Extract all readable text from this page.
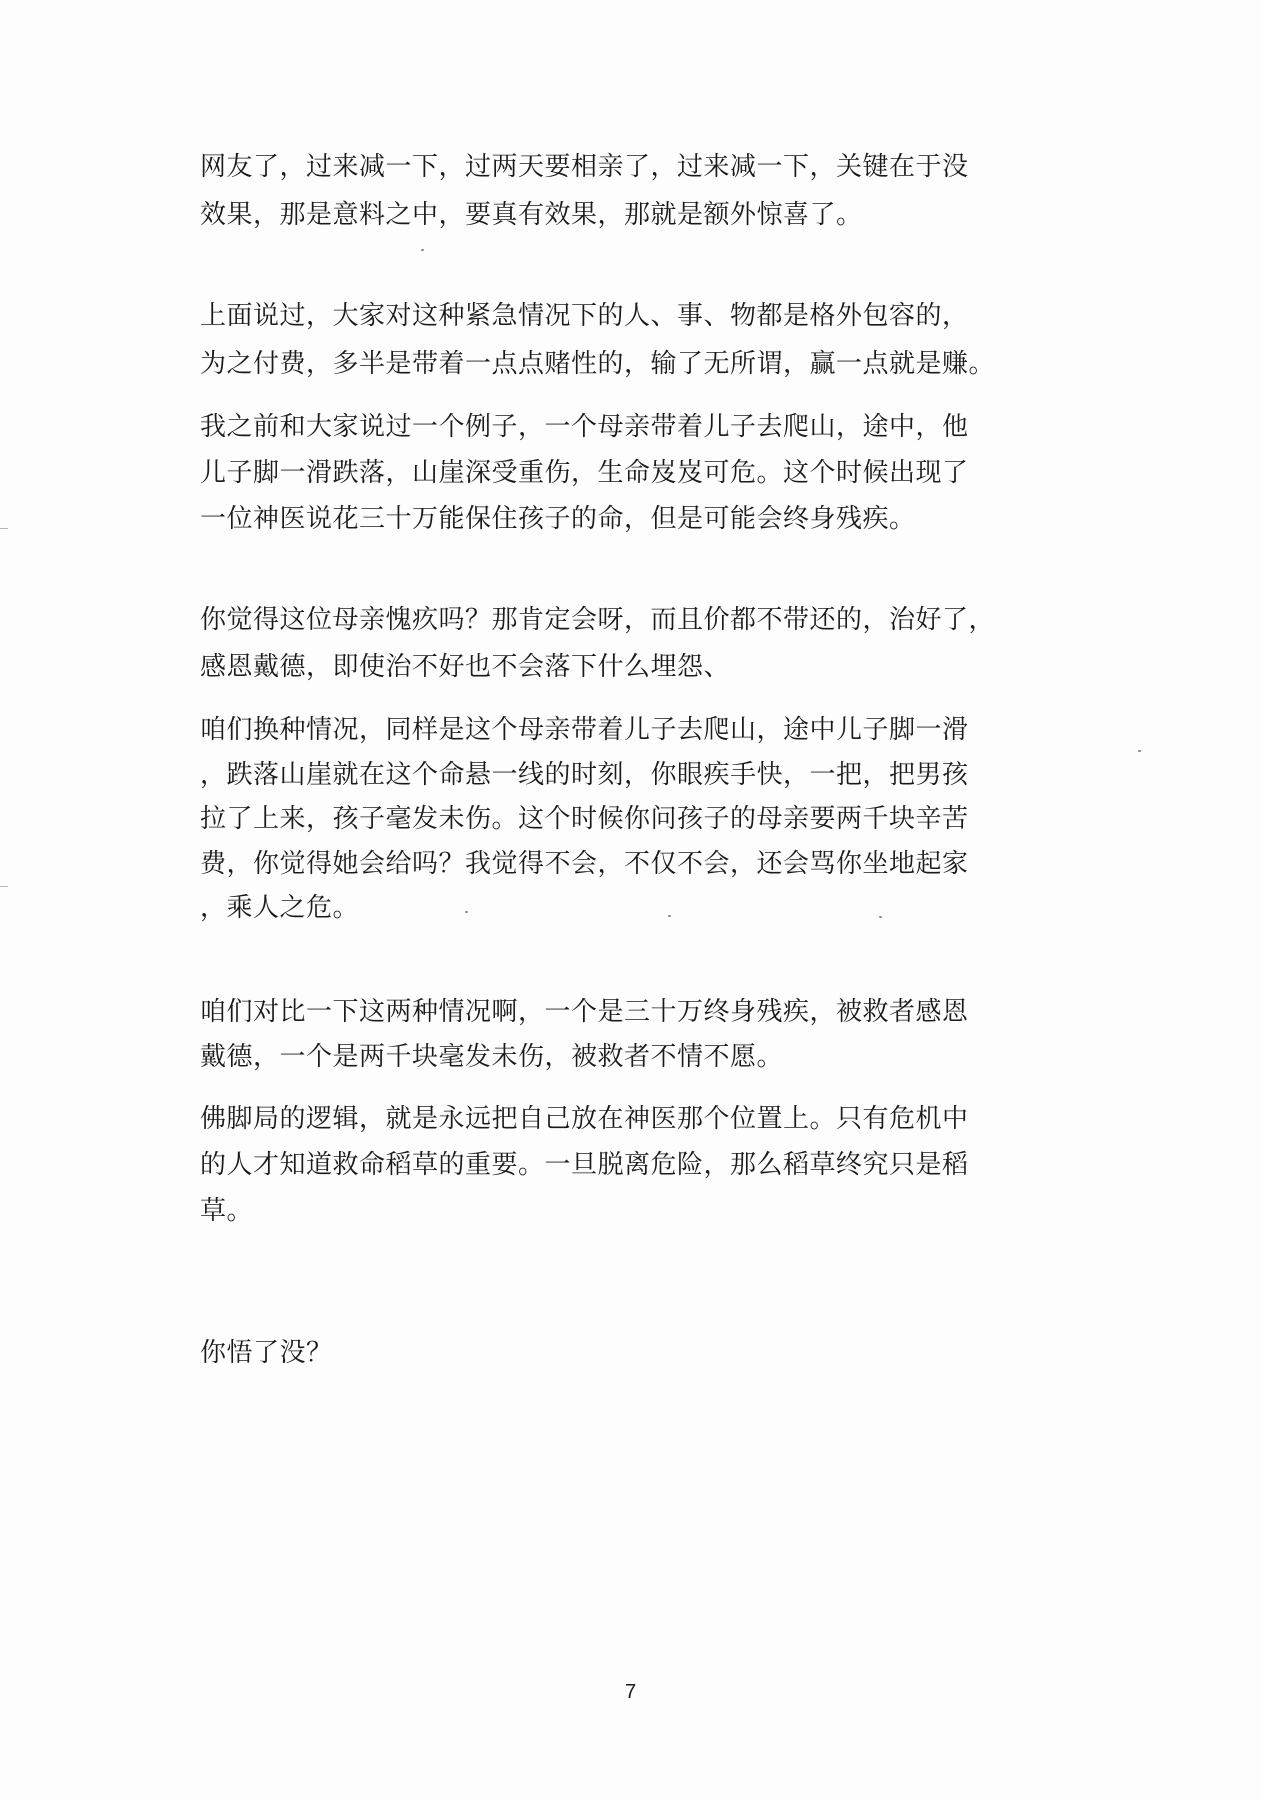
网友了，过来减一下，过两天要相亲了，过来减一下，关键在于没
效果，那是意料之中，要真有效果，那就是额外惊喜了。
上面说过，大家对这种紧急情况下的人、事、物都是格外包容的，
为之付费，多半是带着一点点赌性的，输了无所谓，赢一点就是赚。
我之前和大家说过一个例子，一个母亲带着儿子去爬山，途中，他
儿子脚一滑跌落，山崖深受重伤，生命岌岌可危。这个时候出现了
一位神医说花三十万能保住孩子的命，但是可能会终身残疾。
你觉得这位母亲愧疚吗？那肯定会呀，而且价都不带还的，治好了，
感恩戴德，即使治不好也不会落下什么埋怨、
咱们换种情况，同样是这个母亲带着儿子去爬山，途中儿子脚一滑
，跌落山崖就在这个命悬一线的时刻，你眼疾手快，一把，把男孩
拉了上来，孩子毫发未伤。这个时候你问孩子的母亲要两千块辛苦
费，你觉得她会给吗？我觉得不会，不仅不会，还会骂你坐地起家
，乘人之危。
咱们对比一下这两种情况啊，一个是三十万终身残疾，被救者感恩
戴德，一个是两千块毫发未伤，被救者不情不愿。
佛脚局的逻辑，就是永远把自己放在神医那个位置上。只有危机中
的人才知道救命稻草的重要。一旦脱离危险，那么稻草终究只是稻
草。
你悟了没？
7
